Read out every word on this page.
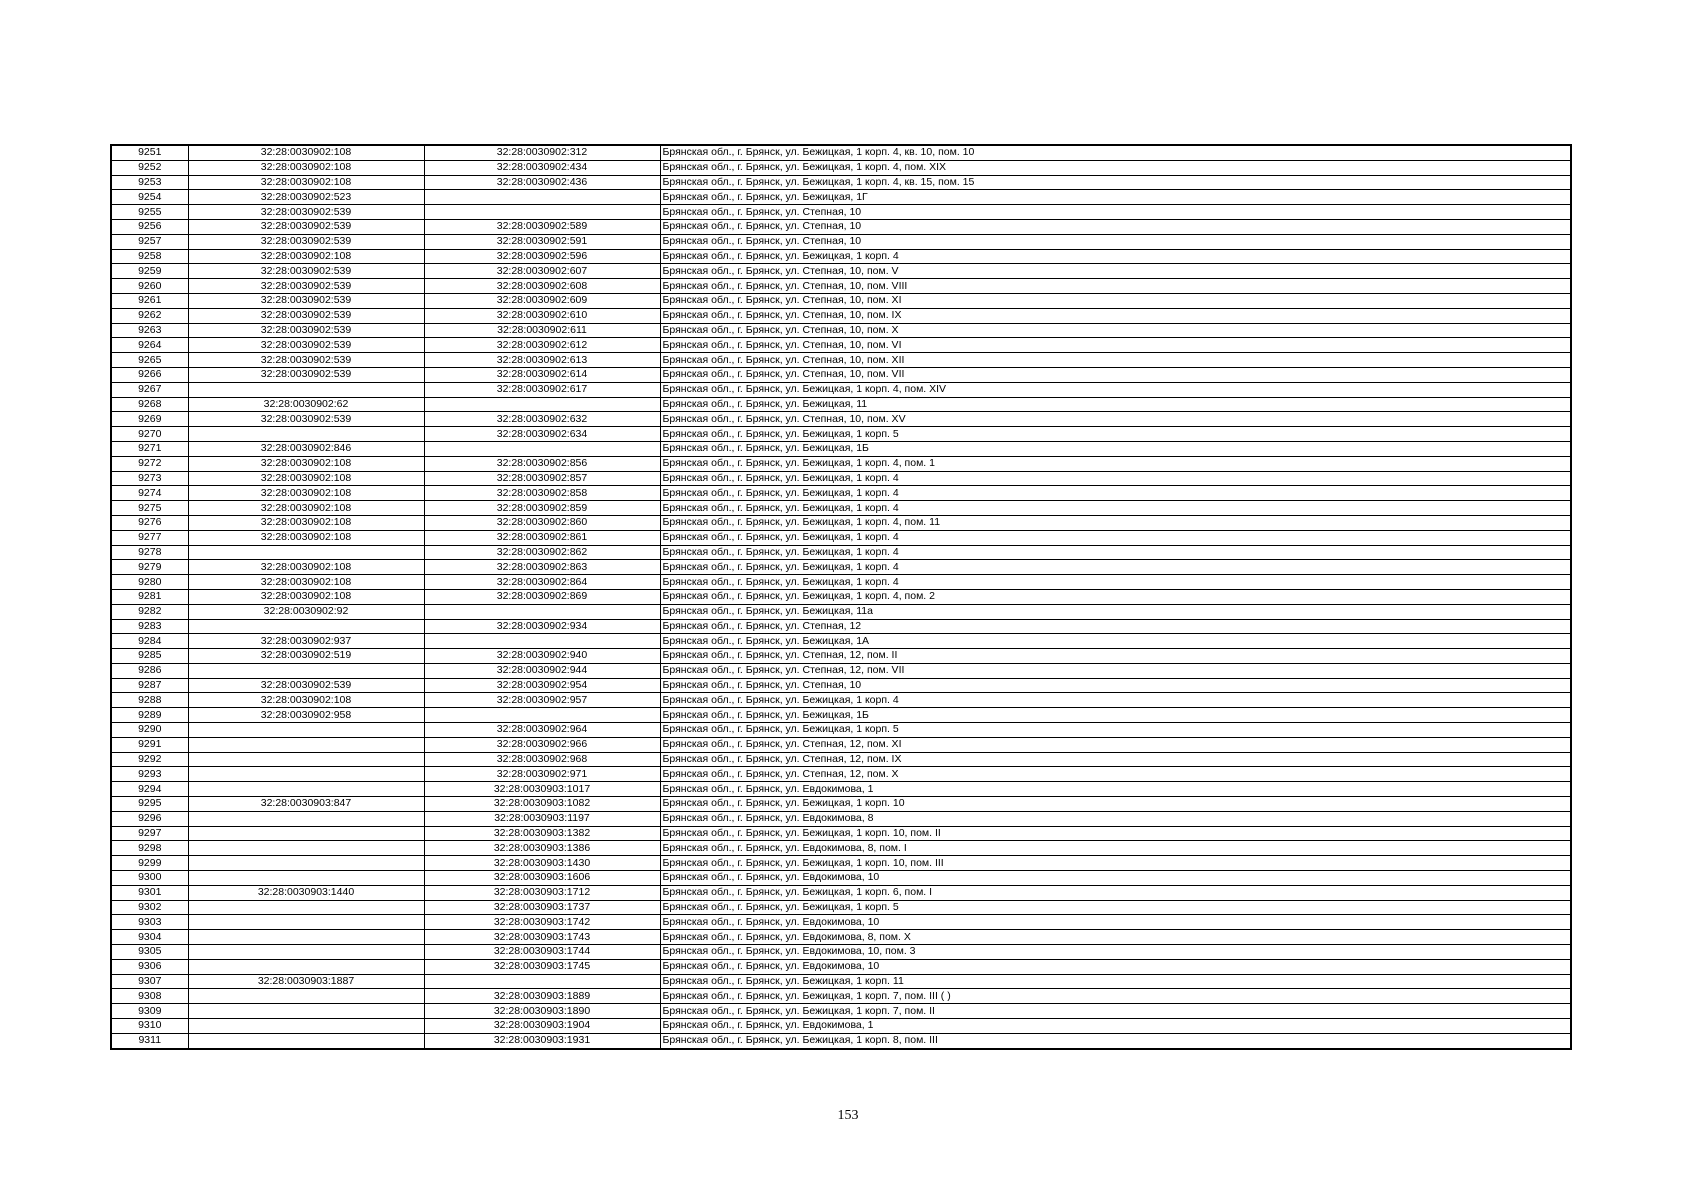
9251	32:28:0030902:108	32:28:0030902:312	Брянская обл., г. Брянск, ул. Бежицкая, 1 корп. 4, кв. 10, пом. 10
9252	32:28:0030902:108	32:28:0030902:434	Брянская обл., г. Брянск, ул. Бежицкая, 1 корп. 4, пом. XIX
9253	32:28:0030902:108	32:28:0030902:436	Брянская обл., г. Брянск, ул. Бежицкая, 1 корп. 4, кв. 15, пом. 15
9254	32:28:0030902:523		Брянская обл., г. Брянск, ул. Бежицкая, 1Г
9255	32:28:0030902:539		Брянская обл., г. Брянск, ул. Степная, 10
9256	32:28:0030902:539	32:28:0030902:589	Брянская обл., г. Брянск, ул. Степная, 10
9257	32:28:0030902:539	32:28:0030902:591	Брянская обл., г. Брянск, ул. Степная, 10
9258	32:28:0030902:108	32:28:0030902:596	Брянская обл., г. Брянск, ул. Бежицкая, 1 корп. 4
9259	32:28:0030902:539	32:28:0030902:607	Брянская обл., г. Брянск, ул. Степная, 10, пом. V
9260	32:28:0030902:539	32:28:0030902:608	Брянская обл., г. Брянск, ул. Степная, 10, пом. VIII
9261	32:28:0030902:539	32:28:0030902:609	Брянская обл., г. Брянск, ул. Степная, 10, пом. XI
9262	32:28:0030902:539	32:28:0030902:610	Брянская обл., г. Брянск, ул. Степная, 10, пом. IX
9263	32:28:0030902:539	32:28:0030902:611	Брянская обл., г. Брянск, ул. Степная, 10, пом. X
9264	32:28:0030902:539	32:28:0030902:612	Брянская обл., г. Брянск, ул. Степная, 10, пом. VI
9265	32:28:0030902:539	32:28:0030902:613	Брянская обл., г. Брянск, ул. Степная, 10, пом. XII
9266	32:28:0030902:539	32:28:0030902:614	Брянская обл., г. Брянск, ул. Степная, 10, пом. VII
9267		32:28:0030902:617	Брянская обл., г. Брянск, ул. Бежицкая, 1 корп. 4, пом. XIV
9268	32:28:0030902:62		Брянская обл., г. Брянск, ул. Бежицкая, 11
9269	32:28:0030902:539	32:28:0030902:632	Брянская обл., г. Брянск, ул. Степная, 10, пом. XV
9270		32:28:0030902:634	Брянская обл., г. Брянск, ул. Бежицкая, 1 корп. 5
9271	32:28:0030902:846		Брянская обл., г. Брянск, ул. Бежицкая, 1Б
9272	32:28:0030902:108	32:28:0030902:856	Брянская обл., г. Брянск, ул. Бежицкая, 1 корп. 4, пом. 1
9273	32:28:0030902:108	32:28:0030902:857	Брянская обл., г. Брянск, ул. Бежицкая, 1 корп. 4
9274	32:28:0030902:108	32:28:0030902:858	Брянская обл., г. Брянск, ул. Бежицкая, 1 корп. 4
9275	32:28:0030902:108	32:28:0030902:859	Брянская обл., г. Брянск, ул. Бежицкая, 1 корп. 4
9276	32:28:0030902:108	32:28:0030902:860	Брянская обл., г. Брянск, ул. Бежицкая, 1 корп. 4, пом. 11
9277	32:28:0030902:108	32:28:0030902:861	Брянская обл., г. Брянск, ул. Бежицкая, 1 корп. 4
9278		32:28:0030902:862	Брянская обл., г. Брянск, ул. Бежицкая, 1 корп. 4
9279	32:28:0030902:108	32:28:0030902:863	Брянская обл., г. Брянск, ул. Бежицкая, 1 корп. 4
9280	32:28:0030902:108	32:28:0030902:864	Брянская обл., г. Брянск, ул. Бежицкая, 1 корп. 4
9281	32:28:0030902:108	32:28:0030902:869	Брянская обл., г. Брянск, ул. Бежицкая, 1 корп. 4, пом. 2
9282	32:28:0030902:92		Брянская обл., г. Брянск, ул. Бежицкая, 11а
9283		32:28:0030902:934	Брянская обл., г. Брянск, ул. Степная, 12
9284	32:28:0030902:937		Брянская обл., г. Брянск, ул. Бежицкая, 1А
9285	32:28:0030902:519	32:28:0030902:940	Брянская обл., г. Брянск, ул. Степная, 12, пом. II
9286		32:28:0030902:944	Брянская обл., г. Брянск, ул. Степная, 12, пом. VII
9287	32:28:0030902:539	32:28:0030902:954	Брянская обл., г. Брянск, ул. Степная, 10
9288	32:28:0030902:108	32:28:0030902:957	Брянская обл., г. Брянск, ул. Бежицкая, 1 корп. 4
9289	32:28:0030902:958		Брянская обл., г. Брянск, ул. Бежицкая, 1Б
9290		32:28:0030902:964	Брянская обл., г. Брянск, ул. Бежицкая, 1 корп. 5
9291		32:28:0030902:966	Брянская обл., г. Брянск, ул. Степная, 12, пом. XI
9292		32:28:0030902:968	Брянская обл., г. Брянск, ул. Степная, 12, пом. IX
9293		32:28:0030902:971	Брянская обл., г. Брянск, ул. Степная, 12, пом. X
9294		32:28:0030903:1017	Брянская обл., г. Брянск, ул. Евдокимова, 1
9295	32:28:0030903:847	32:28:0030903:1082	Брянская обл., г. Брянск, ул. Бежицкая, 1 корп. 10
9296		32:28:0030903:1197	Брянская обл., г. Брянск, ул. Евдокимова, 8
9297		32:28:0030903:1382	Брянская обл., г. Брянск, ул. Бежицкая, 1 корп. 10, пом. II
9298		32:28:0030903:1386	Брянская обл., г. Брянск, ул. Евдокимова, 8, пом. I
9299		32:28:0030903:1430	Брянская обл., г. Брянск, ул. Бежицкая, 1 корп. 10, пом. III
9300		32:28:0030903:1606	Брянская обл., г. Брянск, ул. Евдокимова, 10
9301	32:28:0030903:1440	32:28:0030903:1712	Брянская обл., г. Брянск, ул. Бежицкая, 1 корп. 6, пом. I
9302		32:28:0030903:1737	Брянская обл., г. Брянск, ул. Бежицкая, 1 корп. 5
9303		32:28:0030903:1742	Брянская обл., г. Брянск, ул. Евдокимова, 10
9304		32:28:0030903:1743	Брянская обл., г. Брянск, ул. Евдокимова, 8, пом. X
9305		32:28:0030903:1744	Брянская обл., г. Брянск, ул. Евдокимова, 10, пом. 3
9306		32:28:0030903:1745	Брянская обл., г. Брянск, ул. Евдокимова, 10
9307	32:28:0030903:1887		Брянская обл., г. Брянск, ул. Бежицкая, 1 корп. 11
9308		32:28:0030903:1889	Брянская обл., г. Брянск, ул. Бежицкая, 1 корп. 7, пом. III ( )
9309		32:28:0030903:1890	Брянская обл., г. Брянск, ул. Бежицкая, 1 корп. 7, пом. II
9310		32:28:0030903:1904	Брянская обл., г. Брянск, ул. Евдокимова, 1
9311		32:28:0030903:1931	Брянская обл., г. Брянск, ул. Бежицкая, 1 корп. 8, пом. III
153
